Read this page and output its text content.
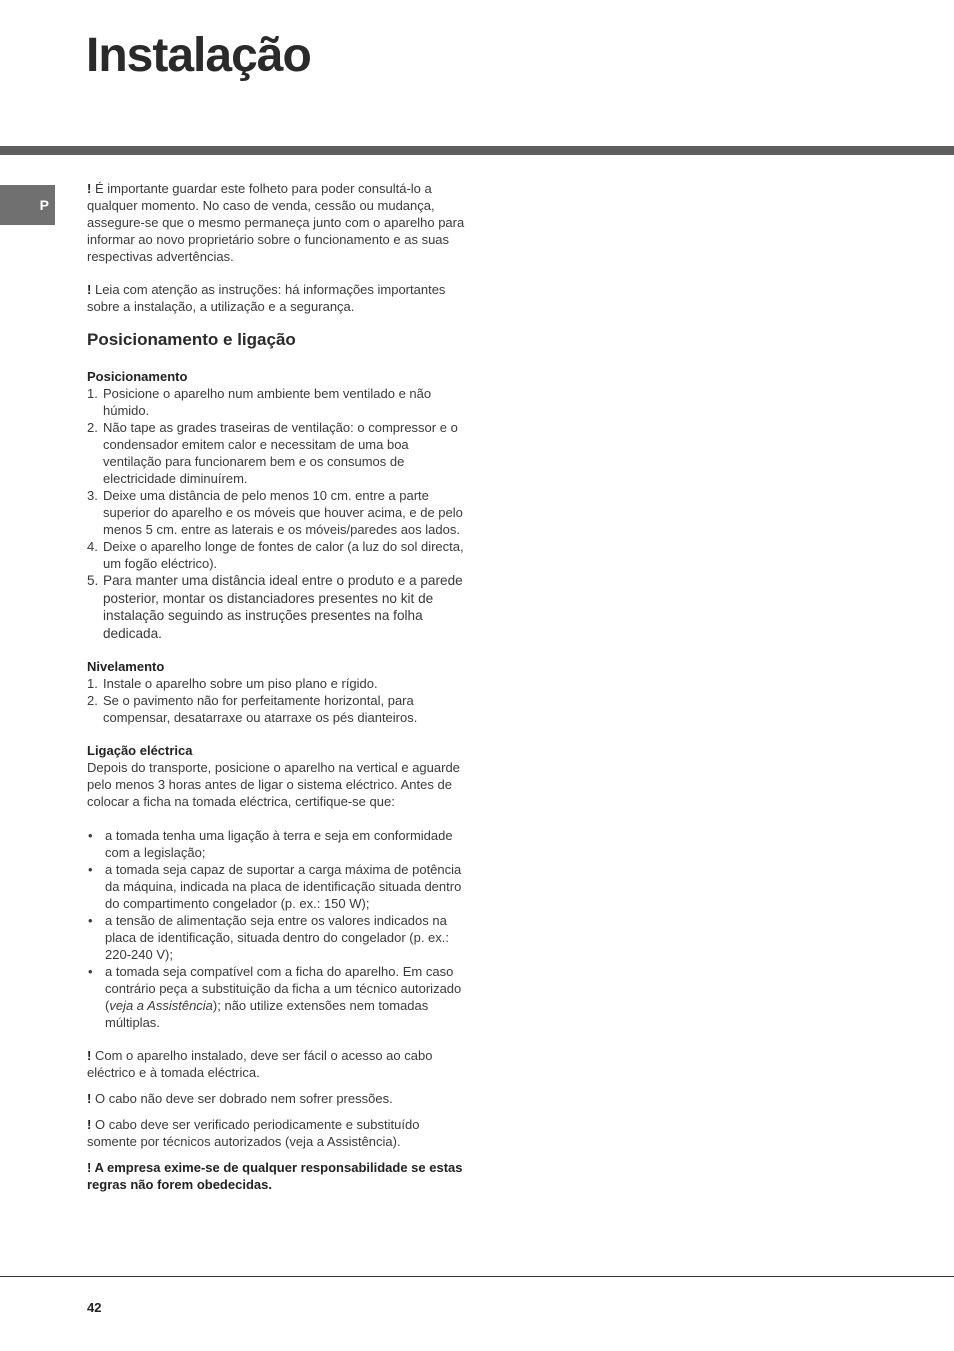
Instalação
P

! É importante guardar este folheto para poder consultá-lo a qualquer momento. No caso de venda, cessão ou mudança, assegure-se que o mesmo permaneça junto com o aparelho para informar ao novo proprietário sobre o funcionamento e as suas respectivas advertências.

! Leia com atenção as instruções: há informações importantes sobre a instalação, a utilização e a segurança.

Posicionamento e ligação

Posicionamento

1. Posicione o aparelho num ambiente bem ventilado e não húmido.
2. Não tape as grades traseiras de ventilação: o compressor e o condensador emitem calor e necessitam de uma boa ventilação para funcionarem bem e os consumos de electricidade diminuírem.
3. Deixe uma distância de pelo menos 10 cm. entre a parte superior do aparelho e os móveis que houver acima, e de pelo menos 5 cm. entre as laterais e os móveis/paredes aos lados.
4. Deixe o aparelho longe de fontes de calor (a luz do sol directa, um fogão eléctrico).
5. Para manter uma distância ideal entre o produto e a parede posterior, montar os distanciadores presentes no kit de instalação seguindo as instruções presentes na folha dedicada.

Nivelamento

1. Instale o aparelho sobre um piso plano e rígido.
2. Se o pavimento não for perfeitamente horizontal, para compensar, desatarraxe ou atarraxe os pés dianteiros.

Ligação eléctrica

Depois do transporte, posicione o aparelho na vertical e aguarde pelo menos 3 horas antes de ligar o sistema eléctrico. Antes de colocar a ficha na tomada eléctrica, certifique-se que:

• a tomada tenha uma ligação à terra e seja em conformidade com a legislação;
• a tomada seja capaz de suportar a carga máxima de potência da máquina, indicada na placa de identificação situada dentro do compartimento congelador (p. ex.: 150 W);
• a tensão de alimentação seja entre os valores indicados na placa de identificação, situada dentro do congelador (p. ex.: 220-240 V);
• a tomada seja compatível com a ficha do aparelho. Em caso contrário peça a substituição da ficha a um técnico autorizado (veja a Assistência); não utilize extensões nem tomadas múltiplas.

! Com o aparelho instalado, deve ser fácil o acesso ao cabo eléctrico e à tomada eléctrica.

! O cabo não deve ser dobrado nem sofrer pressões.

! O cabo deve ser verificado periodicamente e substituído somente por técnicos autorizados (veja a Assistência).

! A empresa exime-se de qualquer responsabilidade se estas regras não forem obedecidas.

42
